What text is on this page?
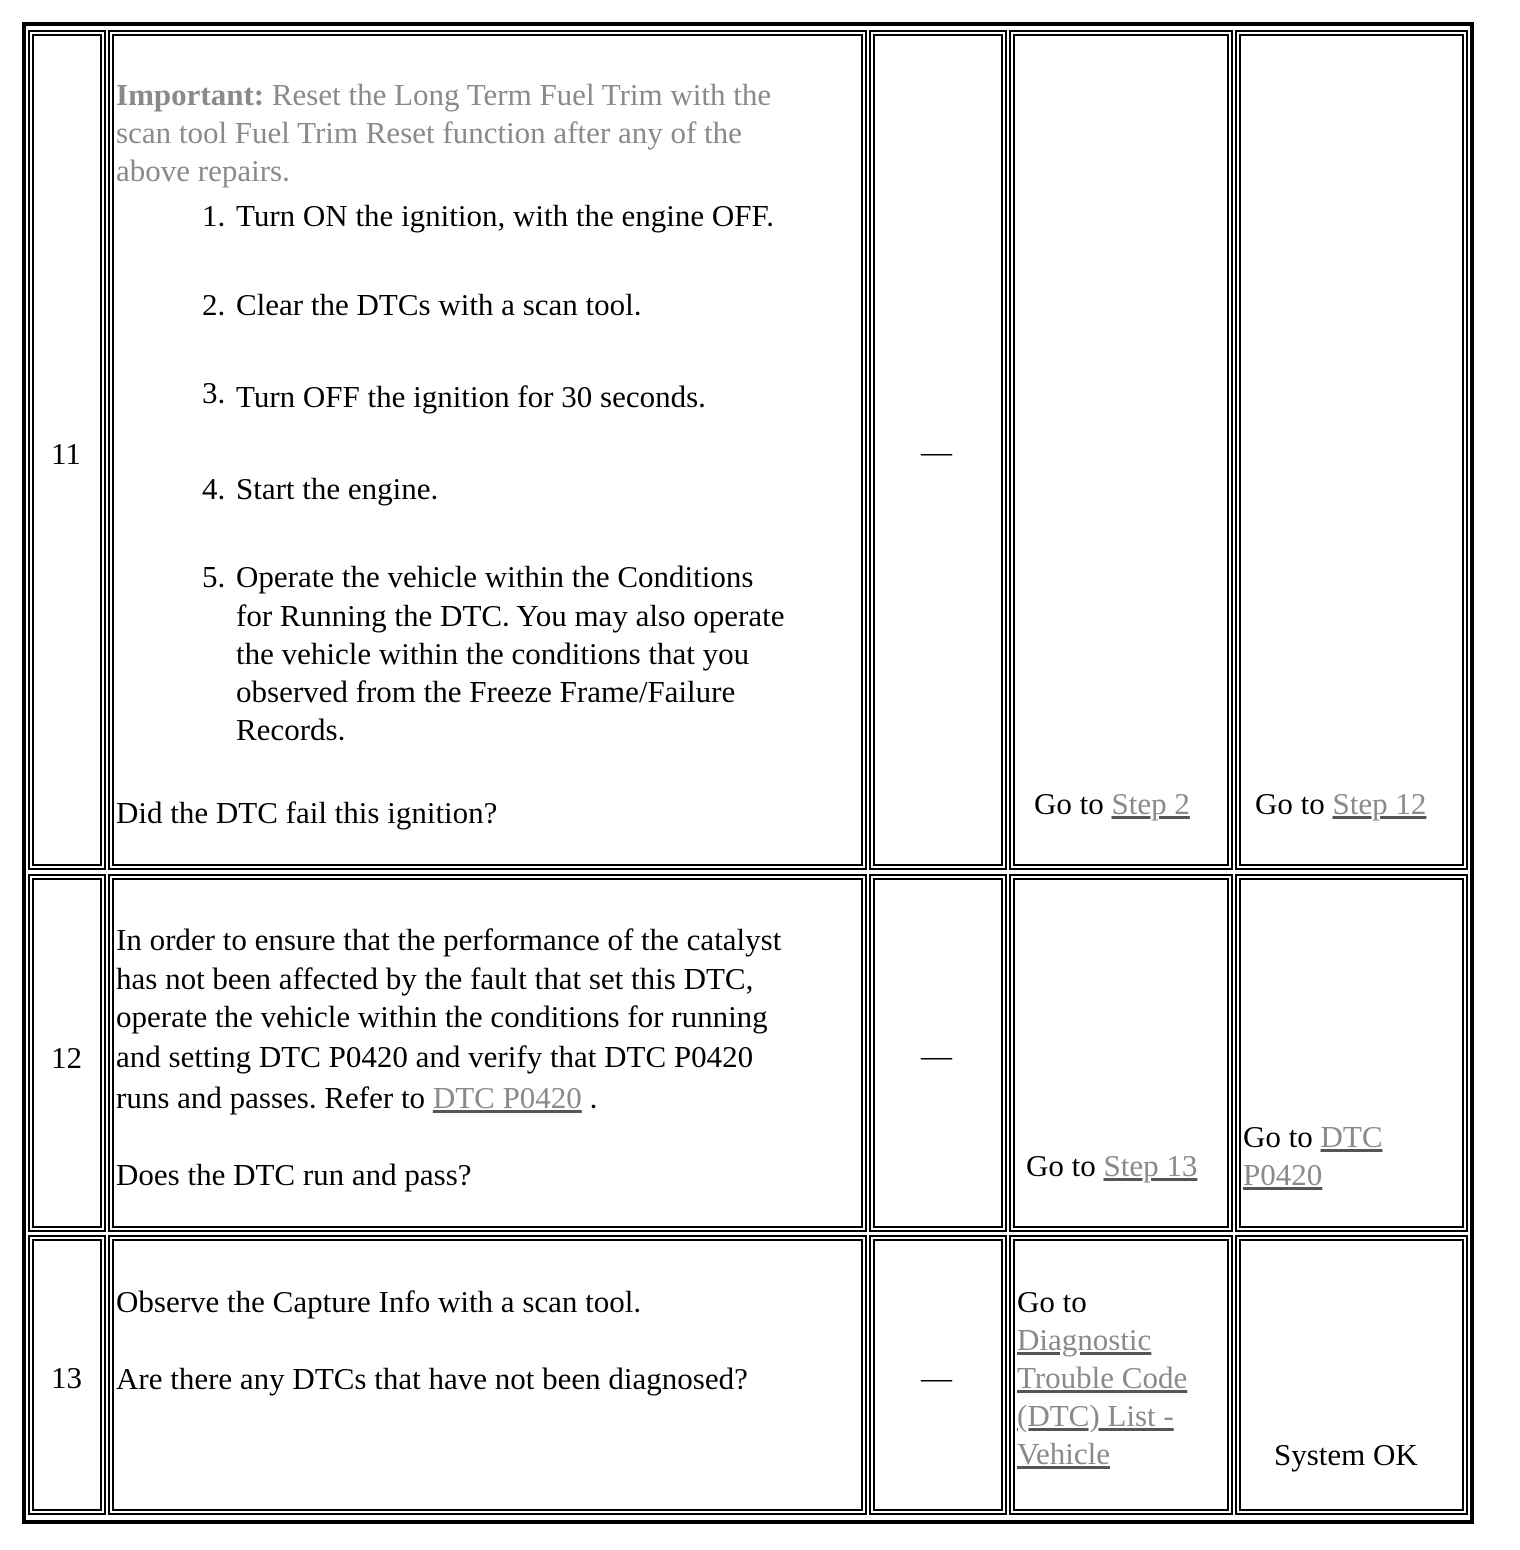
11
Important: Reset the Long Term Fuel Trim with the
scan tool Fuel Trim Reset function after any of the
above repairs.
1. Turn ON the ignition, with the engine OFF.
2. Clear the DTCs with a scan tool.
3. Turn OFF the ignition for 30 seconds.
4. Start the engine.
5. Operate the vehicle within the Conditions
for Running the DTC. You may also operate
the vehicle within the conditions that you
observed from the Freeze Frame/Failure
Records.
Did the DTC fail this ignition?
—
Go to Step 2 Go to Step 12
12
In order to ensure that the performance of the catalyst
has not been affected by the fault that set this DTC,
operate the vehicle within the conditions for running
and setting DTC P0420 and verify that DTC P0420
runs and passes. Refer to DTC P0420 .
Does the DTC run and pass?
—
Go to Step 13
Go to DTC
P0420
13
Observe the Capture Info with a scan tool.
Are there any DTCs that have not been diagnosed?	—
Go to
Diagnostic
Trouble Code
(DTC) List -
Vehicle	System OK
